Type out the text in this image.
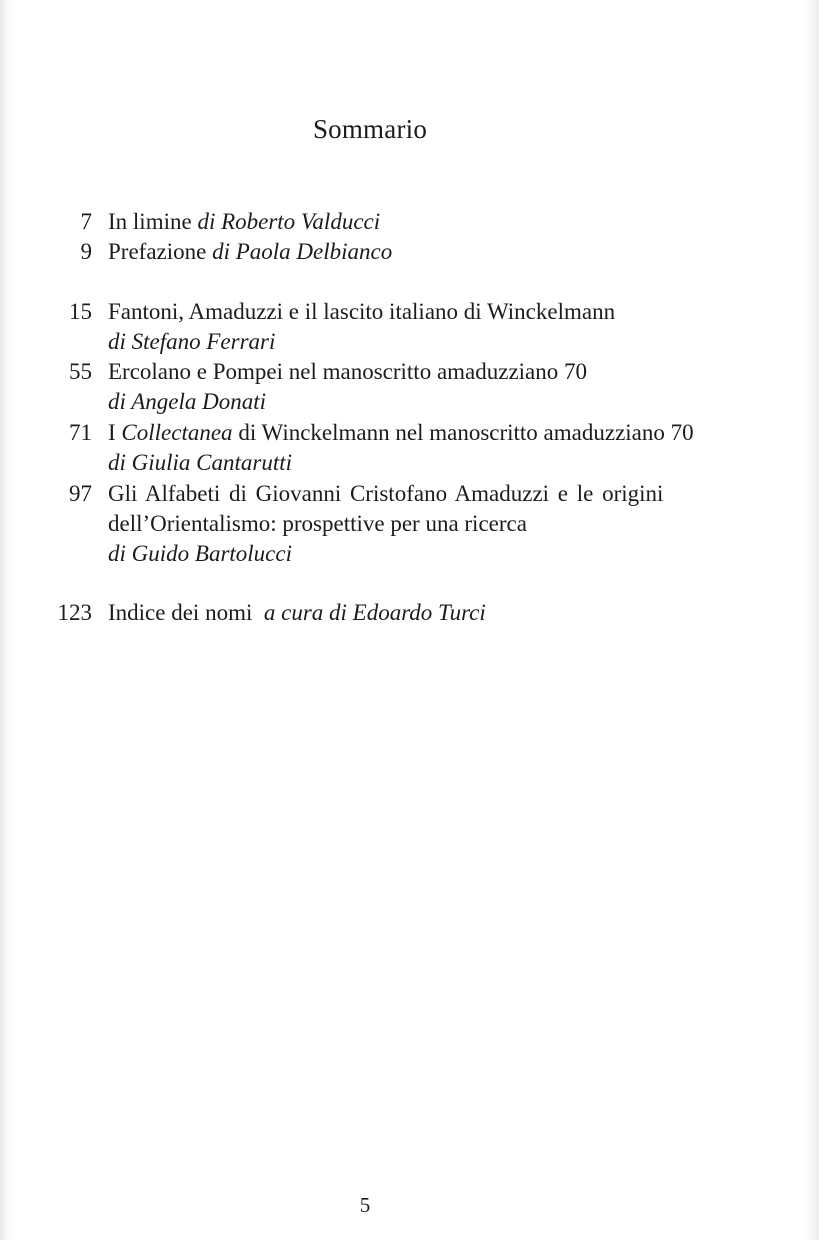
Sommario
7 In limine di Roberto Valducci
9 Prefazione di Paola Delbianco
15 Fantoni, Amaduzzi e il lascito italiano di Winckelmann
di Stefano Ferrari
55 Ercolano e Pompei nel manoscritto amaduzziano 70
di Angela Donati
71 I Collectanea di Winckelmann nel manoscritto amaduzziano 70
di Giulia Cantarutti
97 Gli Alfabeti di Giovanni Cristofano Amaduzzi e le origini
dell’Orientalismo: prospettive per una ricerca
di Guido Bartolucci
123 Indice dei nomi  a cura di Edoardo Turci
5
